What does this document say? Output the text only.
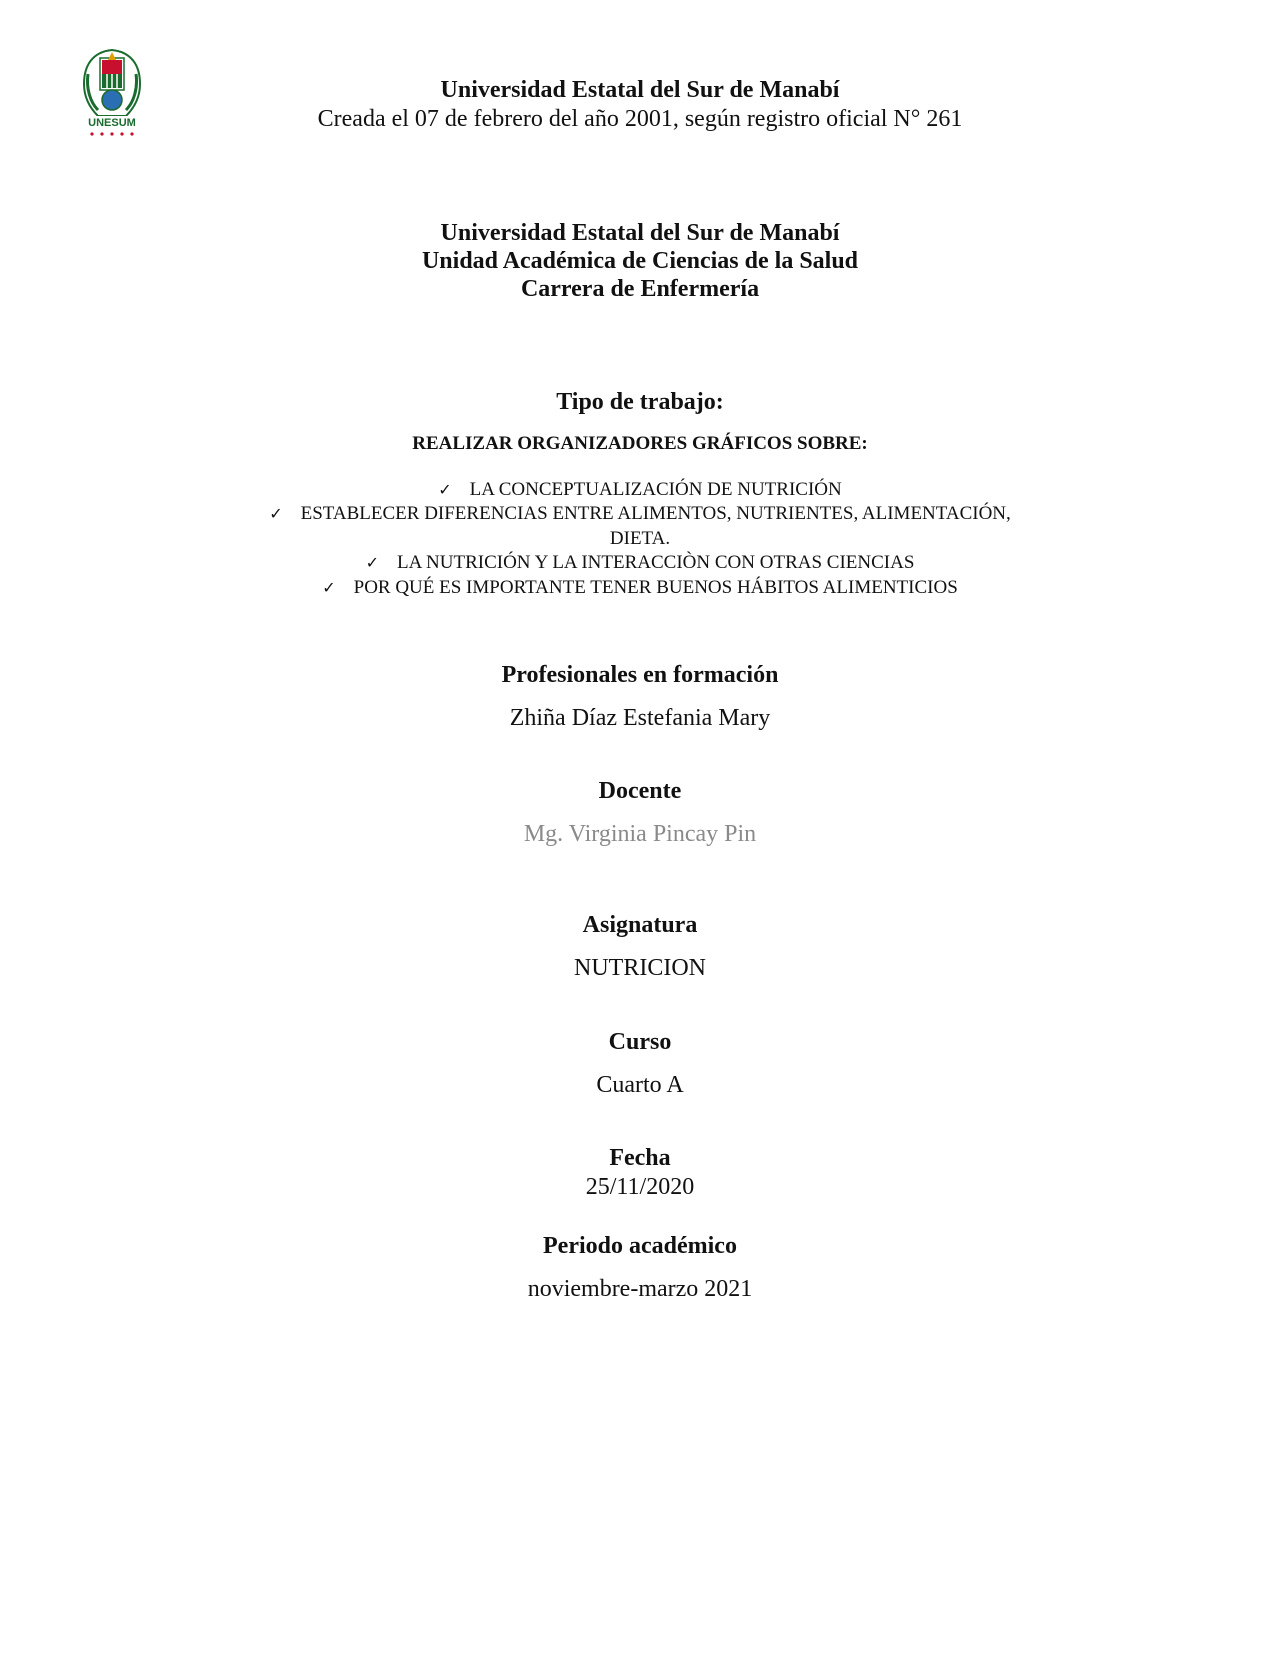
UNESUM
Universidad Estatal del Sur de Manabí
Creada el 07 de febrero del año 2001, según registro oficial N° 261
Universidad Estatal del Sur de Manabí
Unidad Académica de Ciencias de la Salud
Carrera de Enfermería
Tipo de trabajo:
REALIZAR ORGANIZADORES GRÁFICOS SOBRE:
✓ LA CONCEPTUALIZACIÓN DE NUTRICIÓN
✓ ESTABLECER DIFERENCIAS ENTRE ALIMENTOS, NUTRIENTES, ALIMENTACIÓN,
DIETA.
✓ LA NUTRICIÓN Y LA INTERACCIÒN CON OTRAS CIENCIAS
✓ POR QUÉ ES IMPORTANTE TENER BUENOS HÁBITOS ALIMENTICIOS
Profesionales en formación
Zhiña Díaz Estefania Mary
Docente
Mg. Virginia Pincay Pin
Asignatura
NUTRICION
Curso
Cuarto A
Fecha
25/11/2020
Periodo académico
noviembre-marzo 2021
